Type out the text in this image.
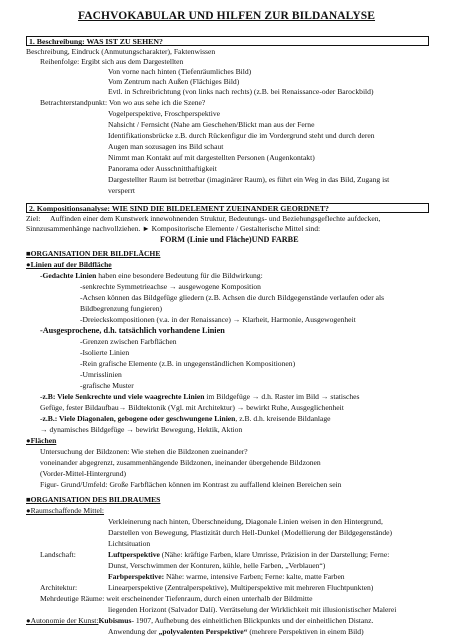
FACHVOKABULAR UND HILFEN ZUR BILDANALYSE
1. Beschreibung: WAS IST ZU SEHEN?
Beschreibung, Eindruck (Anmutungscharakter), Faktenwissen
Reihenfolge: Ergibt sich aus dem Dargestellten
Von vorne nach hinten (Tiefenräumliches Bild)
Vom Zentrum nach Außen (Flächiges Bild)
Evtl. in Schreibrichtung (von links nach rechts) (z.B. bei Renaissance-oder Barockbild)
Betrachterstandpunkt: Von wo aus sehe ich die Szene?
Vogelperspektive, Froschperspektive
Nahsicht / Fernsicht (Nahe am Geschehen/Blickt man aus der Ferne
Identifikationsbrücke z.B. durch Rückenfigur die im Vordergrund steht und durch deren
Augen man sozusagen ins Bild schaut
Nimmt man Kontakt auf mit dargestellten Personen (Augenkontakt)
Panorama oder Ausschnitthaftigkeit
Dargestellter Raum ist betretbar (imaginärer Raum), es führt ein Weg in das Bild, Zugang ist
versperrt
2. Kompositionsanalyse: WIE SIND DIE BILDELEMENT ZUEINANDER GEORDNET?
Ziel: Auffinden einer dem Kunstwerk innewohnenden Struktur, Bedeutungs- und Beziehungsgeflechte aufdecken,
Sinnzusammenhänge nachvollziehen. ► Kompositorische Elemente / Gestalterische Mittel sind:
FORM (Linie und Fläche)UND FARBE
■ORGANISATION DER BILDFLÄCHE
●Linien auf der Bildfläche
-Gedachte Linien haben eine besondere Bedeutung für die Bildwirkung:
-senkrechte Symmetrieachse → ausgewogene Komposition
-Achsen können das Bildgefüge gliedern (z.B. Achsen die durch Bildgegenstände verlaufen oder als
Bildbegrenzung fungieren)
-Dreieckskompositionen (v.a. in der Renaissance) → Klarheit, Harmonie, Ausgewogenheit
-Ausgesprochene, d.h. tatsächlich vorhandene Linien
-Grenzen zwischen Farbflächen
-Isolierte Linien
-Rein grafische Elemente (z.B. in ungegenständlichen Kompositionen)
-Umrisslinien
-grafische Muster
-z.B: Viele Senkrechte und viele waagrechte Linien im Bildgefüge → d.h. Raster im Bild → statisches
Gefüge, fester Bildaufbau→ Bildtektonik (Vgl. mit Architektur) → bewirkt Ruhe, Ausgeglichenheit
-z.B.: Viele Diagonalen, gebogene oder geschwungene Linien, z.B. d.h. kreisende Bildanlage
→ dynamisches Bildgefüge → bewirkt Bewegung, Hektik, Aktion
●Flächen
Untersuchung der Bildzonen: Wie stehen die Bildzonen zueinander?
voneinander abgegrenzt, zusammenhängende Bildzonen, ineinander übergehende Bildzonen
(Vorder-Mittel-Hintergrund)
Figur- Grund/Umfeld: Große Farbflächen können im Kontrast zu auffallend kleinen Bereichen sein
■ORGANISATION DES BILDRAUMES
●Raumschaffende Mittel:
Verkleinerung nach hinten, Überschneidung, Diagonale Linien weisen in den Hintergrund,
Darstellen von Bewegung, Plastizität durch Hell-Dunkel (Modellierung der Bildgegenstände)
Lichtsituation
Landschaft:	Luftperspektive (Nähe: kräftige Farben, klare Umrisse, Präzision in der Darstellung; Ferne:
Dunst, Verschwimmen der Konturen, kühle, helle Farben, „Verblauen“)
Farbperspektive: Nähe: warme, intensive Farben; Ferne: kalte, matte Farben
Architektur:	Linearperspektive (Zentralperspektive), Multiperspektive mit mehreren Fluchtpunkten)
Mehrdeutige Räume: weit erscheinender Tiefenraum, durch einen unterhalb der Bildmitte
liegenden Horizont (Salvador Dalí). Verrätselung der Wirklichkeit mit illusionistischer Malerei
●Autonomie der Kunst:Kubismus- 1907, Aufhebung des einheitlichen Blickpunkts und der einheitlichen Distanz.
Anwendung der „polyvalenten Perspektive“ (mehrere Perspektiven in einem Bild)
